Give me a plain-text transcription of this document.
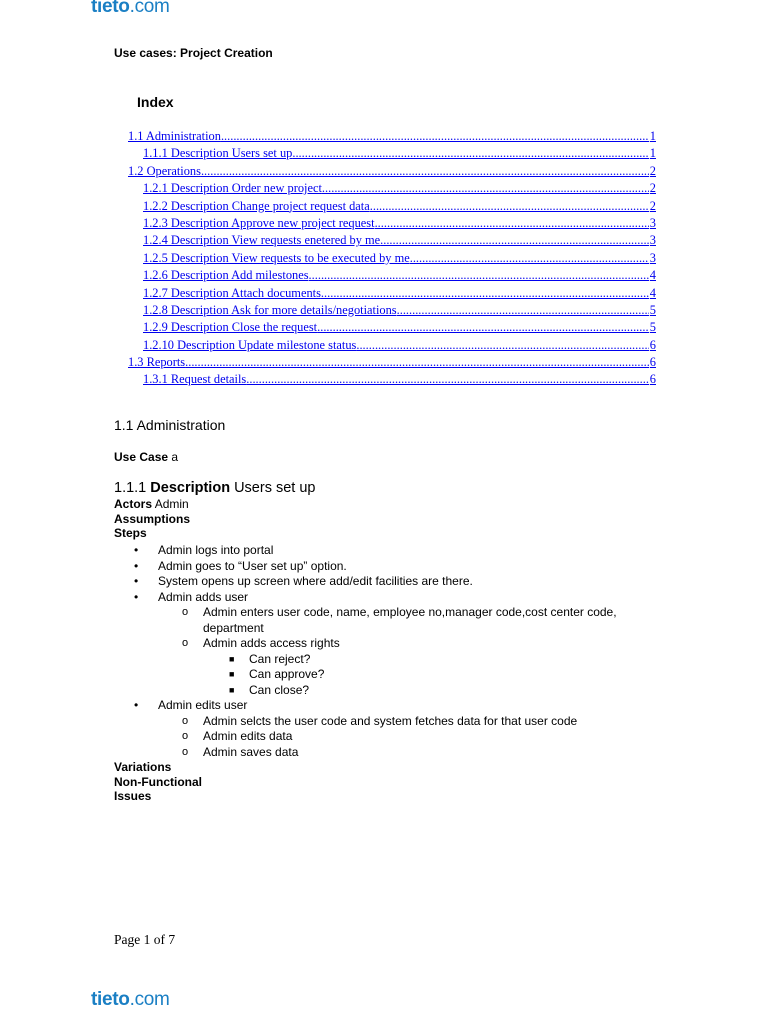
tieto.com
Use cases: Project Creation
Index
1.1 Administration .....	1
1.1.1 Description Users set up .....	1
1.2 Operations .....	2
1.2.1 Description Order new project .....	2
1.2.2 Description Change project request data .....	2
1.2.3 Description Approve new project request .....	3
1.2.4 Description View requests enetered by me .....	3
1.2.5 Description View requests to be executed by me .....	3
1.2.6 Description Add milestones .....	4
1.2.7 Description Attach documents .....	4
1.2.8 Description Ask for more details/negotiations .....	5
1.2.9 Description Close the request .....	5
1.2.10 Description Update milestone status .....	6
1.3 Reports .....	6
1.3.1 Request details .....	6
1.1 Administration
Use Case a
1.1.1 Description Users set up
Actors Admin
Assumptions
Steps
• Admin logs into portal
• Admin goes to “User set up” option.
• System opens up screen where add/edit facilities are there.
• Admin adds user
o Admin enters user code, name, employee no,manager code,cost center code, department
o Admin adds access rights
■ Can reject?
■ Can approve?
■ Can close?
• Admin edits user
o Admin selcts the user code and system fetches data for that user code
o Admin edits data
o Admin saves data
Variations
Non-Functional
Issues
Page 1 of 7
tieto.com
